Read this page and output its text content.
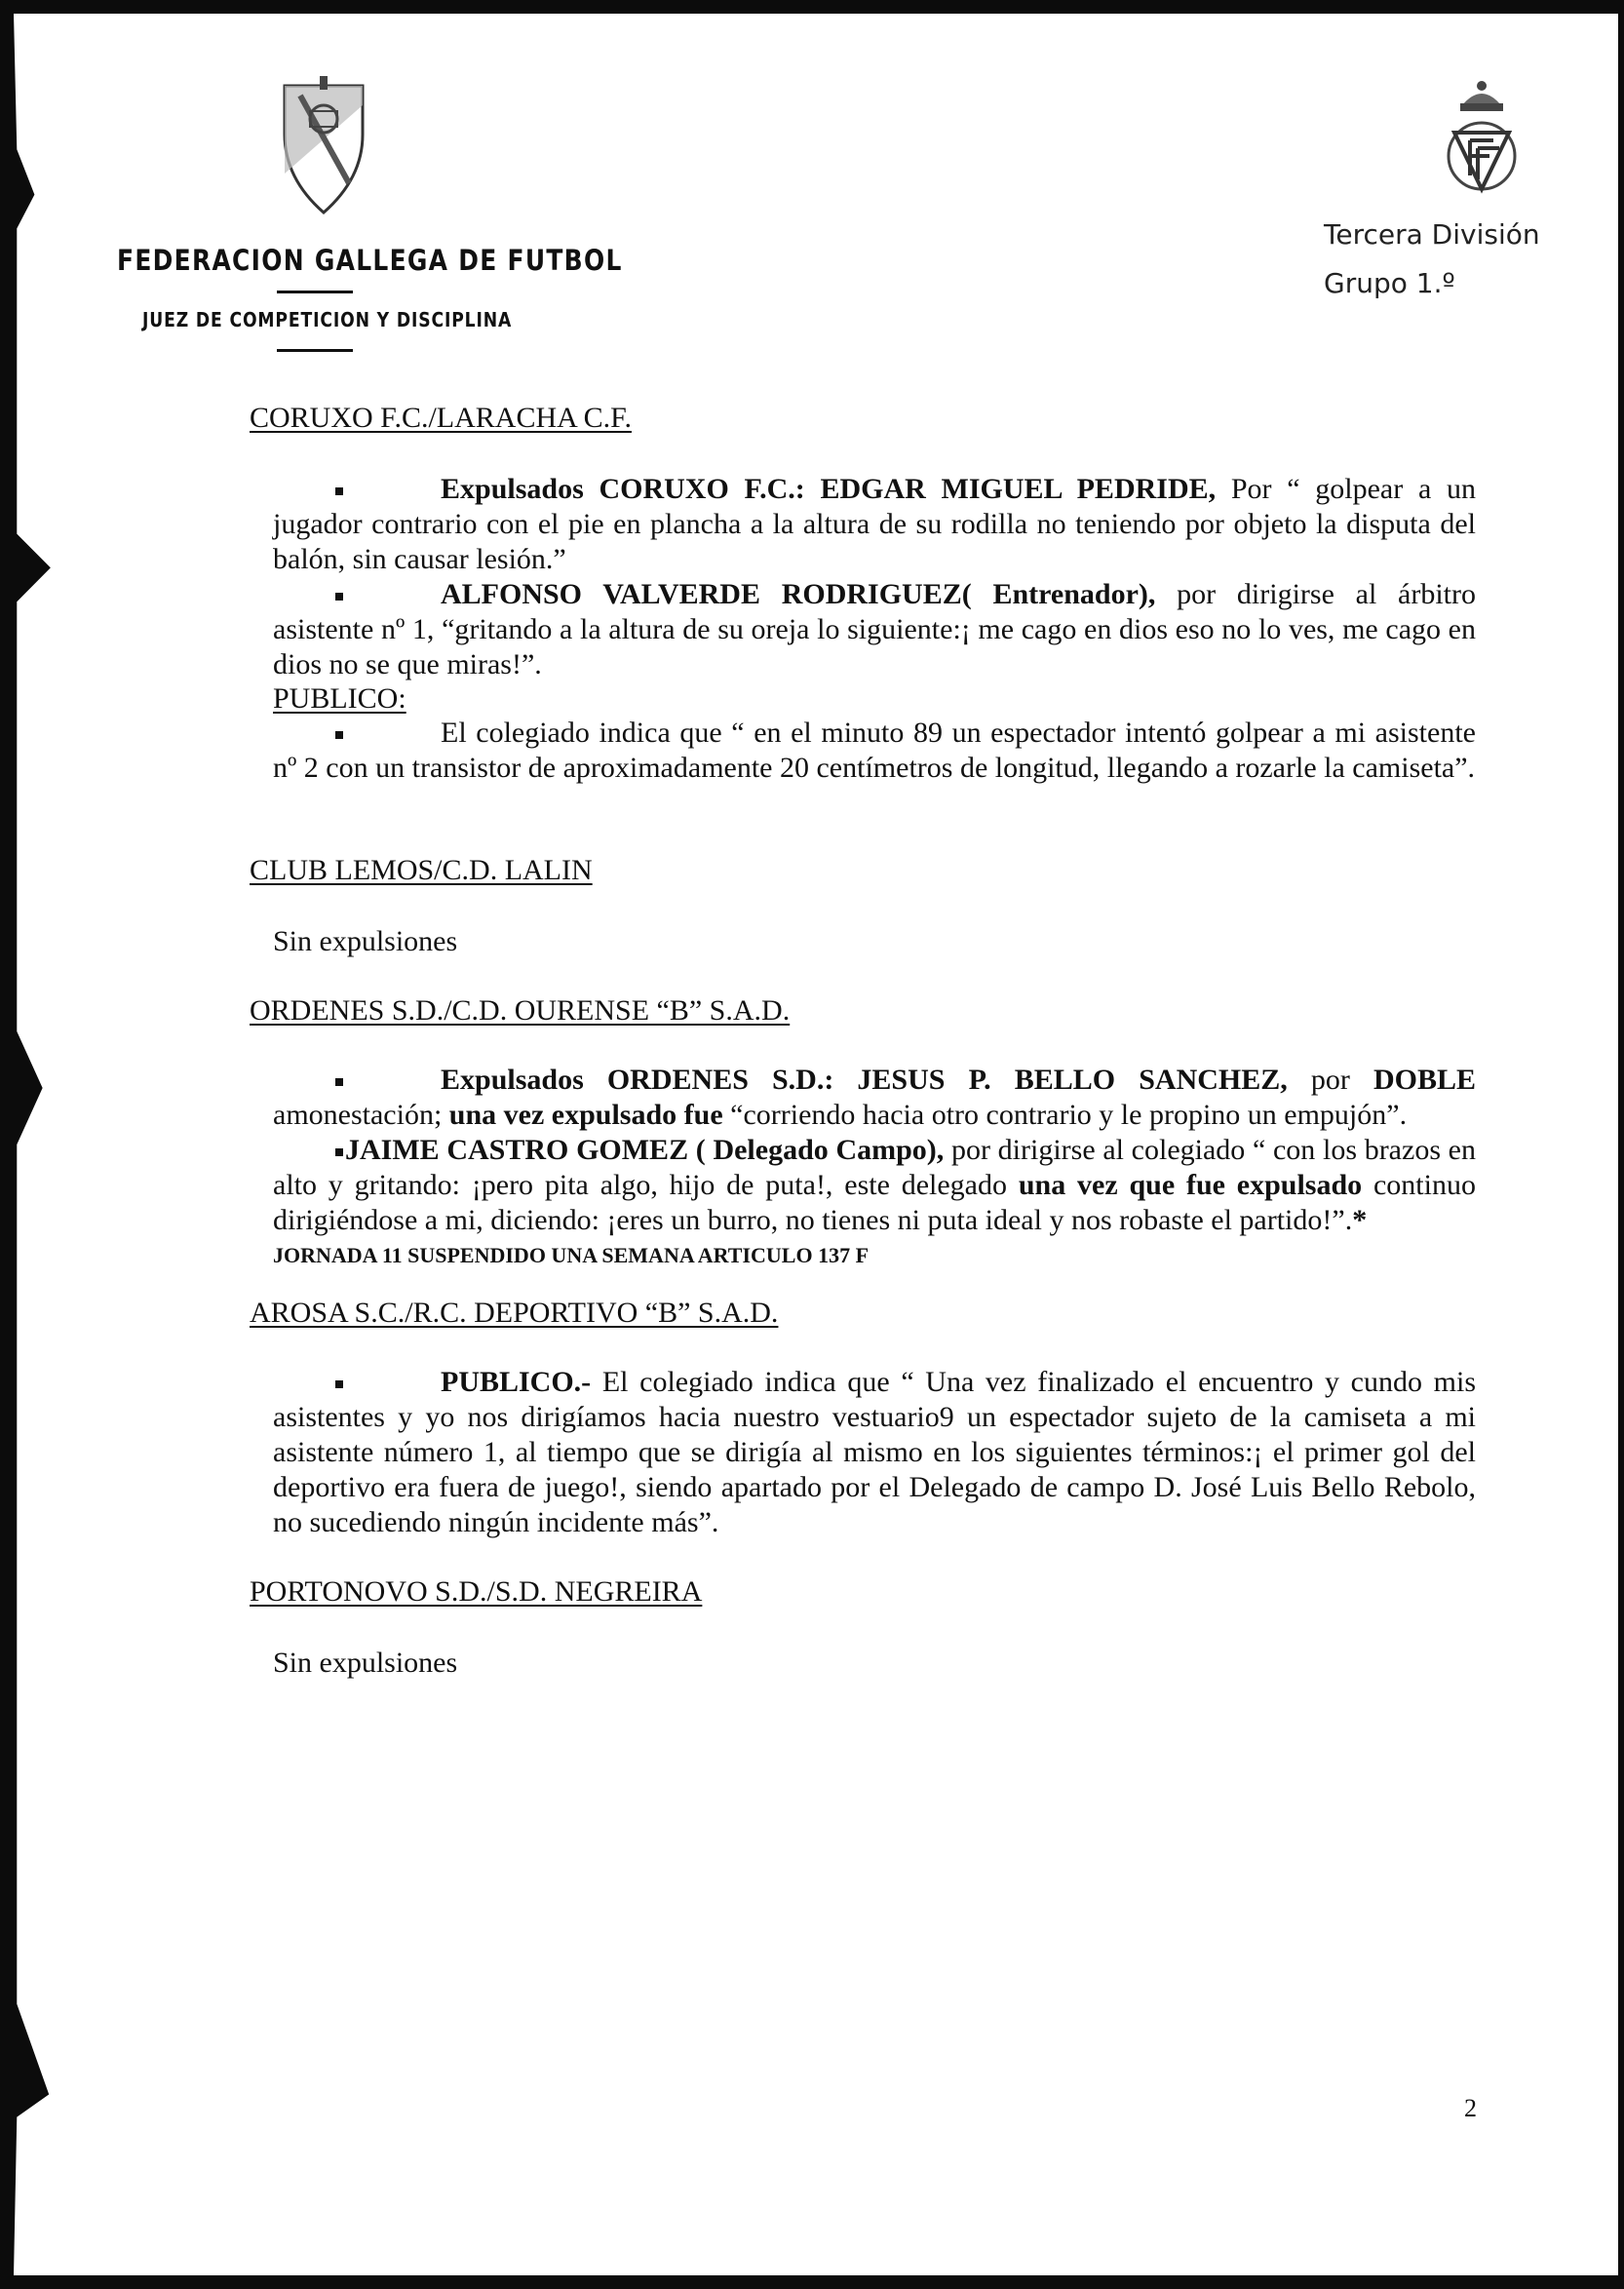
FEDERACION GALLEGA DE FUTBOL
JUEZ DE COMPETICION Y DISCIPLINA
Tercera División
Grupo 1.º
CORUXO F.C./LARACHA C.F.
Expulsados CORUXO F.C.: EDGAR MIGUEL PEDRIDE, Por “ golpear a un jugador contrario con el pie en plancha a la altura de su rodilla no teniendo por objeto la disputa del balón, sin causar lesión.”
ALFONSO VALVERDE RODRIGUEZ( Entrenador), por dirigirse al árbitro asistente nº 1, “gritando a la altura de su oreja lo siguiente:¡ me cago en dios eso no lo ves, me cago en dios no se que miras!”.
PUBLICO:
El colegiado indica que “ en el minuto 89 un espectador intentó golpear a mi asistente nº 2 con un transistor de aproximadamente 20 centímetros de longitud, llegando a rozarle la camiseta”.
CLUB LEMOS/C.D. LALIN
Sin expulsiones
ORDENES S.D./C.D. OURENSE “B” S.A.D.
Expulsados ORDENES S.D.: JESUS P. BELLO SANCHEZ, por DOBLE amonestación; una vez expulsado fue “corriendo hacia otro contrario y le propino un empujón”.
JAIME CASTRO GOMEZ ( Delegado Campo), por dirigirse al colegiado “ con los brazos en alto y gritando: ¡pero pita algo, hijo de puta!, este delegado una vez que fue expulsado continuo dirigiéndose a mi, diciendo: ¡eres un burro, no tienes ni puta ideal y nos robaste el partido!”.*
JORNADA 11 SUSPENDIDO UNA SEMANA ARTICULO 137 F
AROSA S.C./R.C. DEPORTIVO “B” S.A.D.
PUBLICO.- El colegiado indica que “ Una vez finalizado el encuentro y cundo mis asistentes y yo nos dirigíamos hacia nuestro vestuario9 un espectador sujeto de la camiseta a mi asistente número 1, al tiempo que se dirigía al mismo en los siguientes términos:¡ el primer gol del deportivo era fuera de juego!, siendo apartado por el Delegado de campo D. José Luis Bello Rebolo, no sucediendo ningún incidente más”.
PORTONOVO S.D./S.D. NEGREIRA
Sin expulsiones
2
